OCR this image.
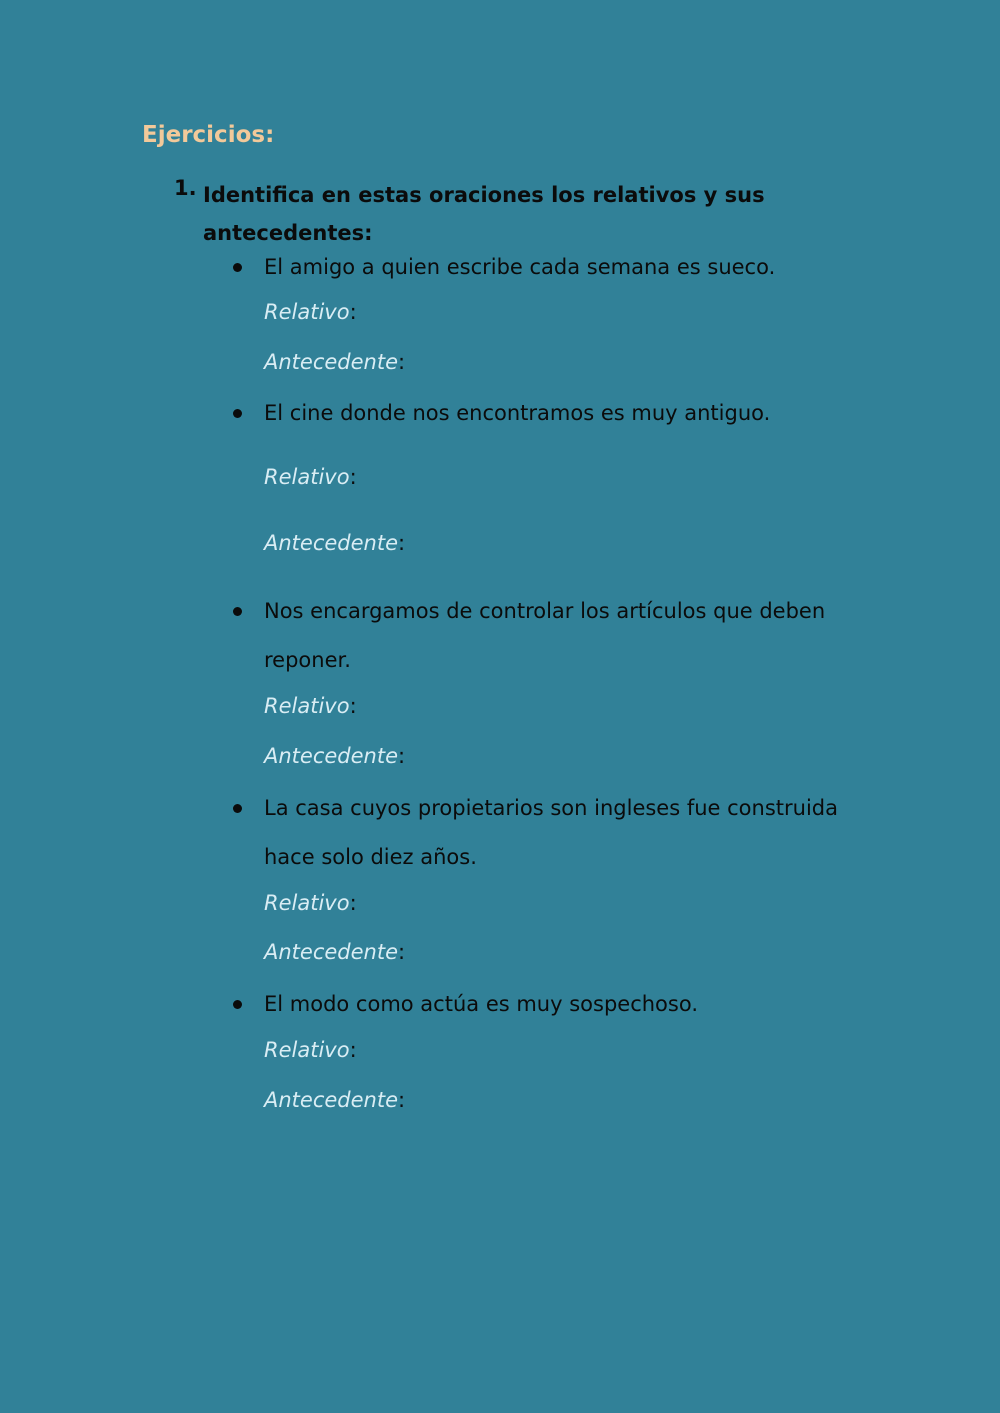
Ejercicios:
1. Identifica en estas oraciones los relativos y sus antecedentes:
El amigo a quien escribe cada semana es sueco.
Relativo:
Antecedente:
El cine donde nos encontramos es muy antiguo.
Relativo:
Antecedente:
Nos encargamos de controlar los artículos que deben reponer.
Relativo:
Antecedente:
La casa cuyos propietarios son ingleses fue construida hace solo diez años.
Relativo:
Antecedente:
El modo como actúa es muy sospechoso.
Relativo:
Antecedente:
